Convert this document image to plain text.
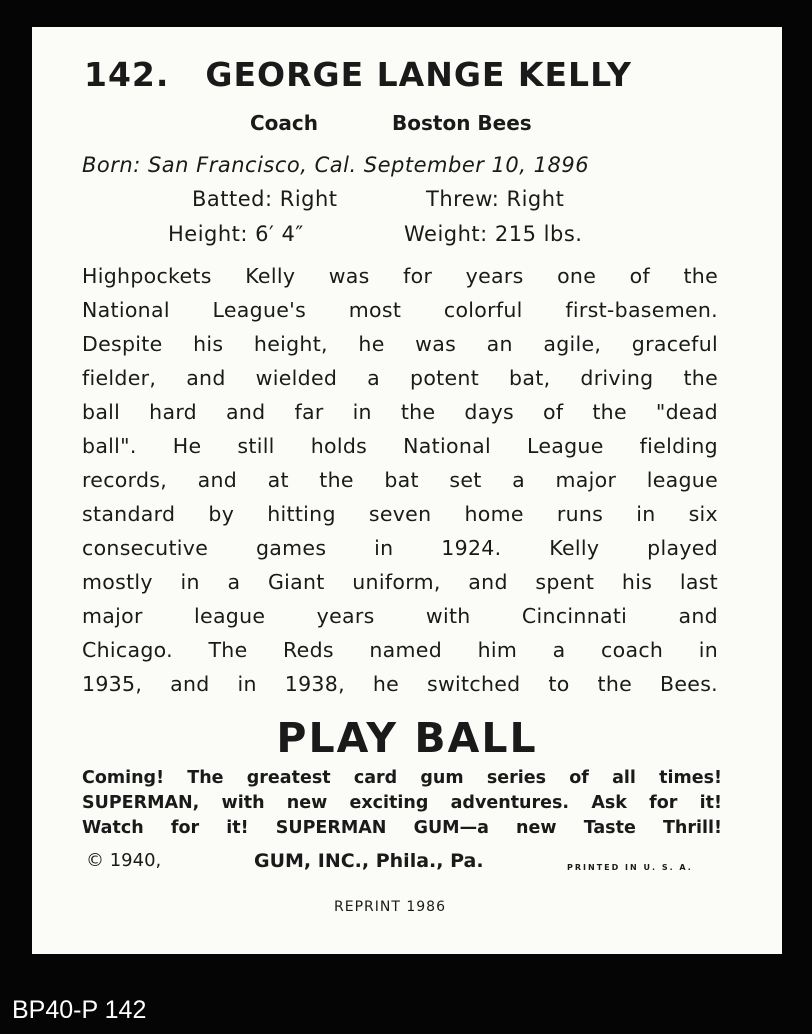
142. GEORGE LANGE KELLY
Coach	Boston Bees
Born: San Francisco, Cal. September 10, 1896
Batted: Right	Threw: Right
Height: 6′ 4″	Weight: 215 lbs.
Highpockets Kelly was for years one of the
National League's most colorful first-basemen.
Despite his height, he was an agile, graceful
fielder, and wielded a potent bat, driving the
ball hard and far in the days of the "dead
ball". He still holds National League fielding
records, and at the bat set a major league
standard by hitting seven home runs in six
consecutive games in 1924. Kelly played
mostly in a Giant uniform, and spent his last
major league years with Cincinnati and
Chicago. The Reds named him a coach in
1935, and in 1938, he switched to the Bees.
PLAY BALL
Coming! The greatest card gum series of all times!
SUPERMAN, with new exciting adventures. Ask for it!
Watch for it! SUPERMAN GUM—a new Taste Thrill!
© 1940,	GUM, INC., Phila., Pa.	PRINTED IN U. S. A.
REPRINT 1986
BP40-P 142
